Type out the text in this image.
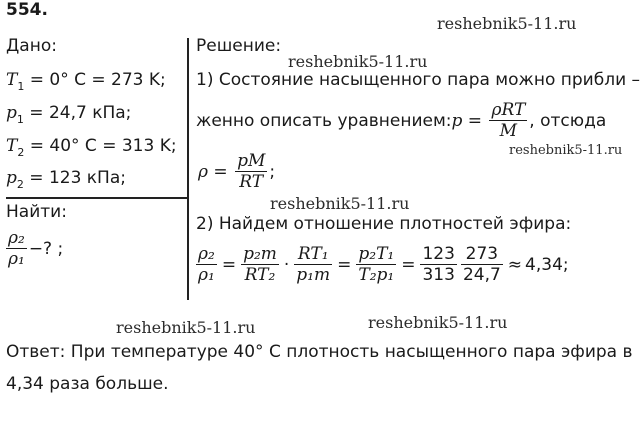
554.
reshebnik5-11.ru
reshebnik5-11.ru
reshebnik5-11.ru
reshebnik5-11.ru
reshebnik5-11.ru	reshebnik5-11.ru
Дано:
$T_1 = 0^\circ$ C = 273 K;
$p_1 = 24,7$ кПа;
$T_2 = 40^\circ$ C = 313 K;
$p_2 = 123$ кПа;
Найти:
$\frac{\text{ρ₂}}{\text{ρ₁}}$ −? ;
Решение:
1) Состояние насыщенного пара можно прибли –
женно описать уравнением: $p = \frac{\text{ρRT}}{M}$ , отсюда
$\rho = \frac{pM}{RT}$ ;
2) Найдем отношение плотностей эфира:
$\frac{\text{ρ₂}}{\text{ρ₁}} = \frac{\text{p₂m}}{\text{RT₂}} \cdot \frac{\text{RT₁}}{\text{p₁m}} = \frac{\text{p₂T₁}}{\text{T₂p₁}} = \frac{123}{313} \frac{273}{24,7} \approx 4,34$;
Ответ: При температуре 40° C плотность насыщенного пара эфира в
4,34 раза больше.
